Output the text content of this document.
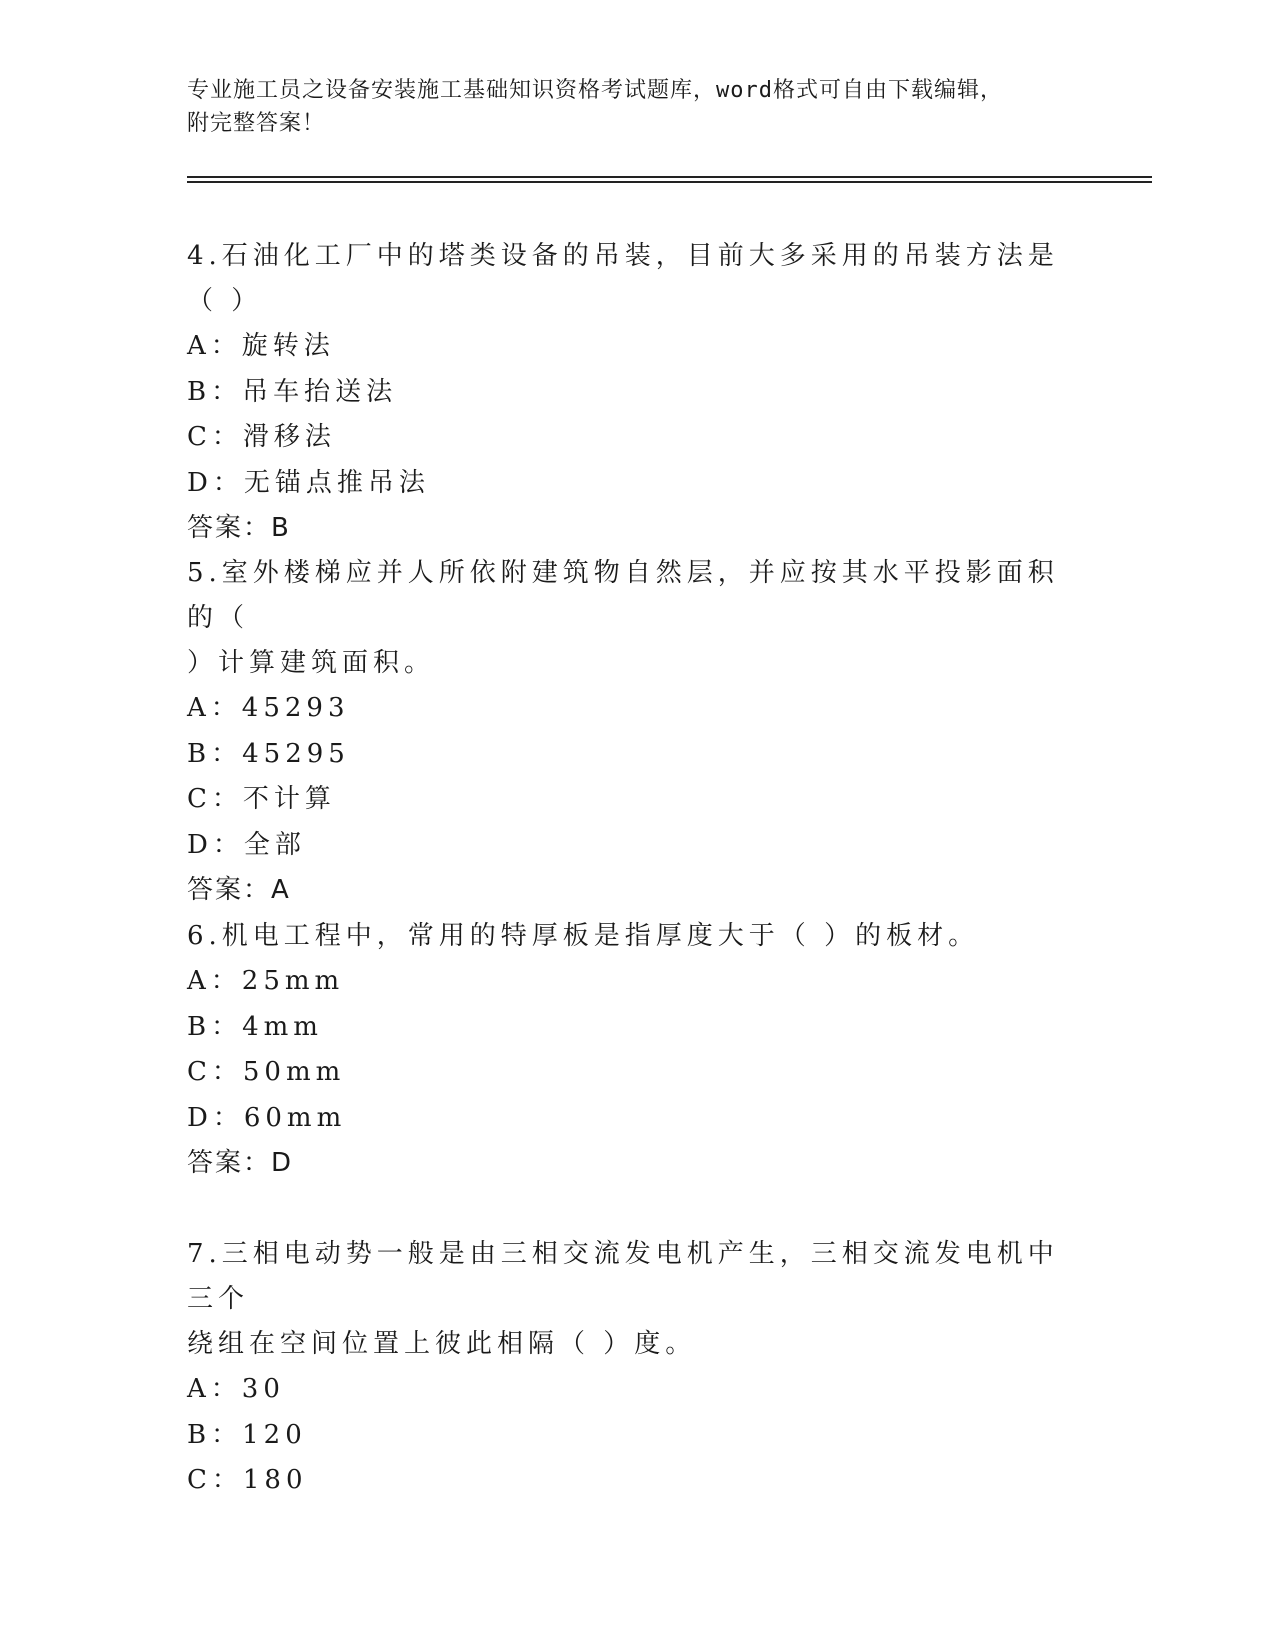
专业施工员之设备安装施工基础知识资格考试题库，word格式可自由下载编辑，
附完整答案！
4.石油化工厂中的塔类设备的吊装，目前大多采用的吊装方法是（ ）
A：旋转法
B：吊车抬送法
C：滑移法
D：无锚点推吊法
答案：B
5.室外楼梯应并人所依附建筑物自然层，并应按其水平投影面积的（
）计算建筑面积。
A：45293
B：45295
C：不计算
D：全部
答案：A
6.机电工程中，常用的特厚板是指厚度大于（ ）的板材。
A：25mm
B：4mm
C：50mm
D：60mm
答案：D
7.三相电动势一般是由三相交流发电机产生，三相交流发电机中三个
绕组在空间位置上彼此相隔（ ）度。
A：30
B：120
C：180
